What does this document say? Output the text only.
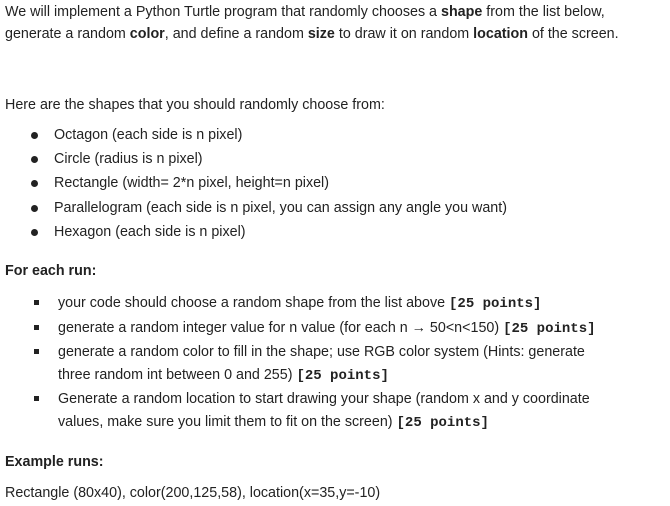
We will implement a Python Turtle program that randomly chooses a shape from the list below, generate a random color, and define a random size to draw it on random location of the screen.
Here are the shapes that you should randomly choose from:
Octagon (each side is n pixel)
Circle (radius is n pixel)
Rectangle (width= 2*n pixel, height=n pixel)
Parallelogram (each side is n pixel, you can assign any angle you want)
Hexagon (each side is n pixel)
For each run:
your code should choose a random shape from the list above [25 points]
generate a random integer value for n value (for each n → 50<n<150) [25 points]
generate a random color to fill in the shape; use RGB color system (Hints: generate three random int between 0 and 255) [25 points]
Generate a random location to start drawing your shape (random x and y coordinate values, make sure you limit them to fit on the screen) [25 points]
Example runs:
Rectangle (80x40), color(200,125,58), location(x=35,y=-10)
